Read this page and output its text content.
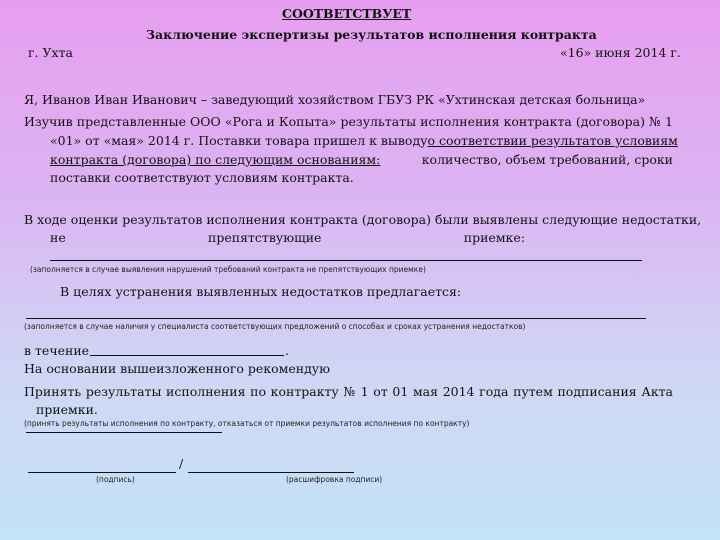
СООТВЕТСТВУЕТ
Заключение экспертизы результатов исполнения контракта
г. Ухта	«16» июня 2014 г.
Я, Иванов Иван Иванович – заведующий хозяйством ГБУЗ РК «Ухтинская детская больница»
Изучив представленные ООО «Рога и Копыта» результаты исполнения контракта (договора) № 1
«01» от «мая» 2014 г. Поставки товара пришел к выводу о соответствии результатов условиям
контракта (договора) по следующим основаниям:	количество, объем требований, сроки
поставки соответствуют условиям контракта.
В ходе оценки результатов исполнения контракта (договора) были выявлены следующие недостатки,
не	препятствующие	приемке:
(заполняется в случае выявления нарушений требований контракта не препятствующих приемке)
В целях устранения выявленных недостатков предлагается:
(заполняется в случае наличия у специалиста соответствующих предложений о способах и сроках устранения недостатков)
в течение	.
На основании вышеизложенного рекомендую
Принять результаты исполнения по контракту № 1 от 01 мая 2014 года путем подписания Акта
приемки.
(принять результаты исполнения по контракту, отказаться от приемки результатов исполнения по контракту)
/
(подпись)	(расшифровка подписи)
